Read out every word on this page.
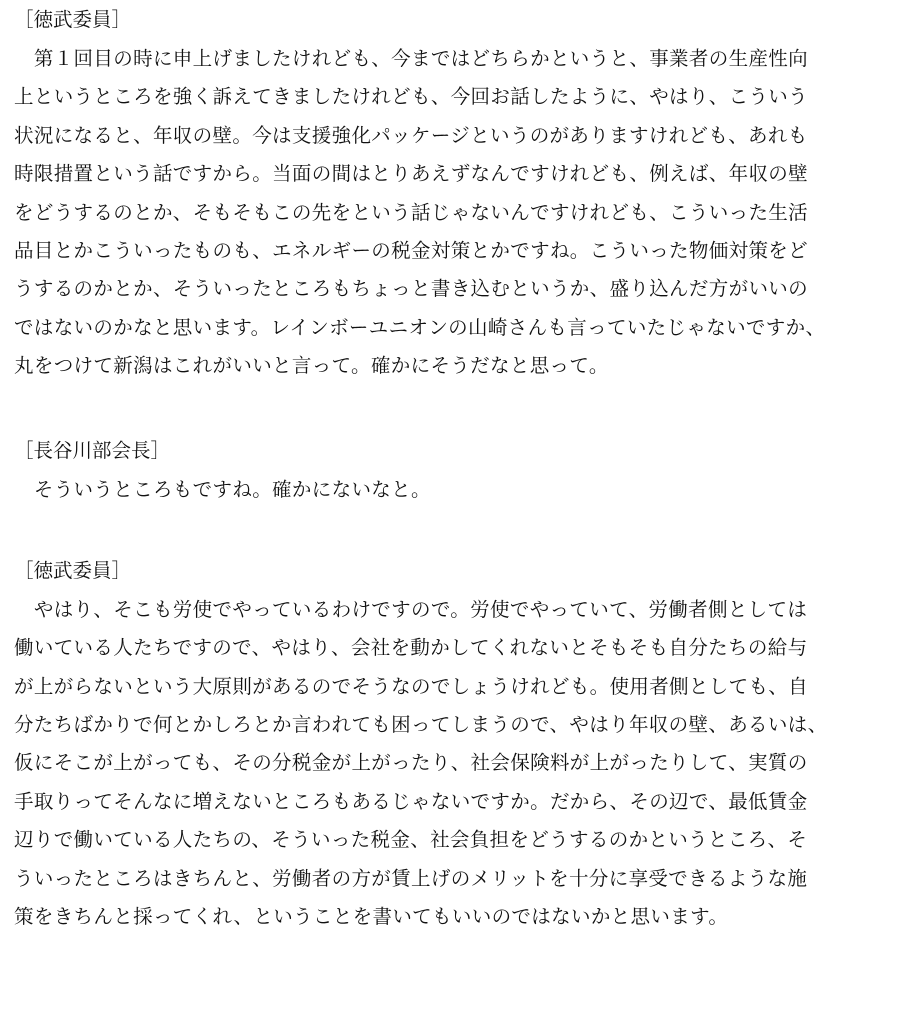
［徳武委員］
　第１回目の時に申上げましたけれども、今まではどちらかというと、事業者の生産性向
上というところを強く訴えてきましたけれども、今回お話したように、やはり、こういう
状況になると、年収の壁。今は支援強化パッケージというのがありますけれども、あれも
時限措置という話ですから。当面の間はとりあえずなんですけれども、例えば、年収の壁
をどうするのとか、そもそもこの先をという話じゃないんですけれども、こういった生活
品目とかこういったものも、エネルギーの税金対策とかですね。こういった物価対策をど
うするのかとか、そういったところもちょっと書き込むというか、盛り込んだ方がいいの
ではないのかなと思います。レインボーユニオンの山崎さんも言っていたじゃないですか、
丸をつけて新潟はこれがいいと言って。確かにそうだなと思って。
［長谷川部会長］
　そういうところもですね。確かにないなと。
［徳武委員］
　やはり、そこも労使でやっているわけですので。労使でやっていて、労働者側としては
働いている人たちですので、やはり、会社を動かしてくれないとそもそも自分たちの給与
が上がらないという大原則があるのでそうなのでしょうけれども。使用者側としても、自
分たちばかりで何とかしろとか言われても困ってしまうので、やはり年収の壁、あるいは、
仮にそこが上がっても、その分税金が上がったり、社会保険料が上がったりして、実質の
手取りってそんなに増えないところもあるじゃないですか。だから、その辺で、最低賃金
辺りで働いている人たちの、そういった税金、社会負担をどうするのかというところ、そ
ういったところはきちんと、労働者の方が賃上げのメリットを十分に享受できるような施
策をきちんと採ってくれ、ということを書いてもいいのではないかと思います。
